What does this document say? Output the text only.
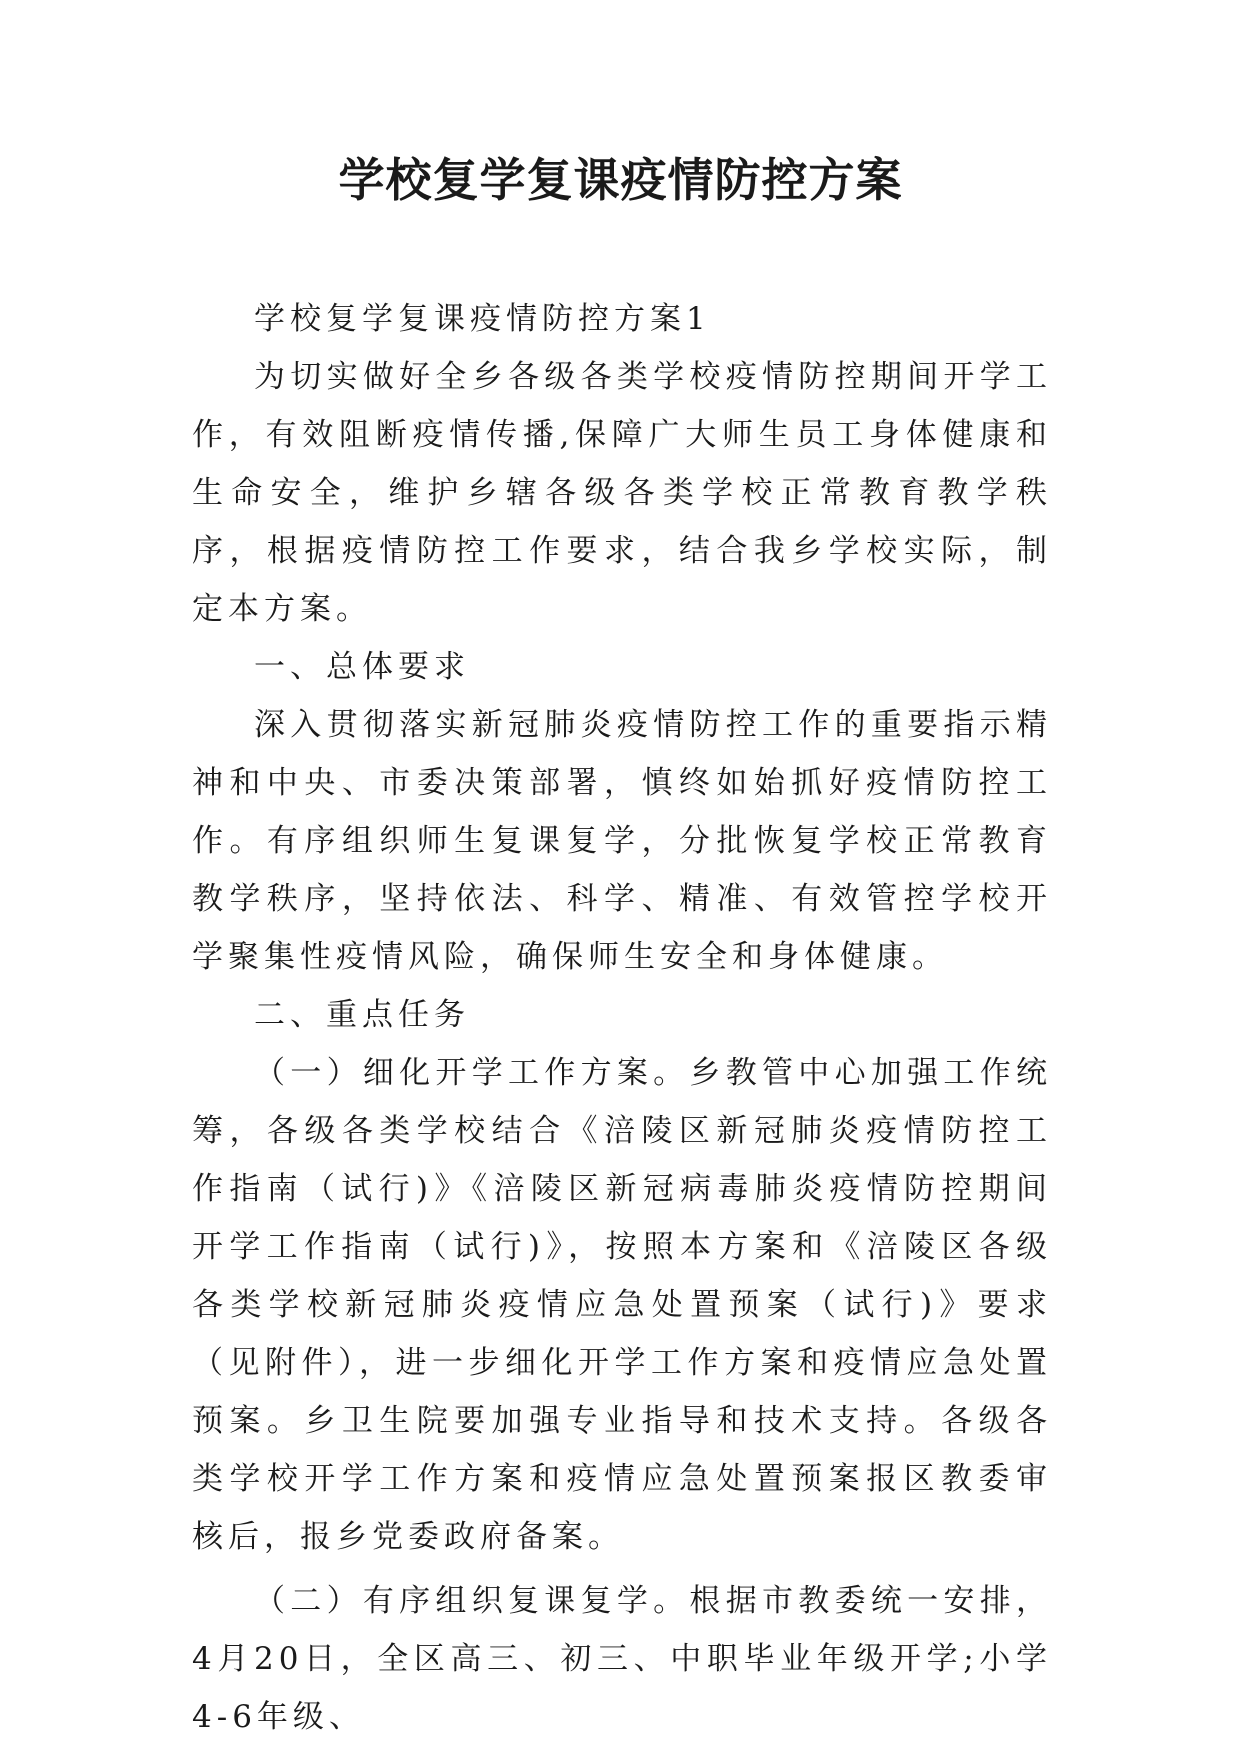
学校复学复课疫情防控方案

学校复学复课疫情防控方案1

为切实做好全乡各级各类学校疫情防控期间开学工作，有效阻断疫情传播,保障广大师生员工身体健康和生命安全，维护乡辖各级各类学校正常教育教学秩序，根据疫情防控工作要求，结合我乡学校实际，制定本方案。

一、总体要求

深入贯彻落实新冠肺炎疫情防控工作的重要指示精神和中央、市委决策部署，慎终如始抓好疫情防控工作。有序组织师生复课复学，分批恢复学校正常教育教学秩序，坚持依法、科学、精准、有效管控学校开学聚集性疫情风险，确保师生安全和身体健康。

二、重点任务

（一）细化开学工作方案。乡教管中心加强工作统筹，各级各类学校结合《涪陵区新冠肺炎疫情防控工作指南（试行)》《涪陵区新冠病毒肺炎疫情防控期间开学工作指南（试行)》，按照本方案和《涪陵区各级各类学校新冠肺炎疫情应急处置预案（试行)》要求（见附件），进一步细化开学工作方案和疫情应急处置预案。乡卫生院要加强专业指导和技术支持。各级各类学校开学工作方案和疫情应急处置预案报区教委审核后，报乡党委政府备案。

（二）有序组织复课复学。根据市教委统一安排，4月20日，全区高三、初三、中职毕业年级开学;小学4-6年级、
